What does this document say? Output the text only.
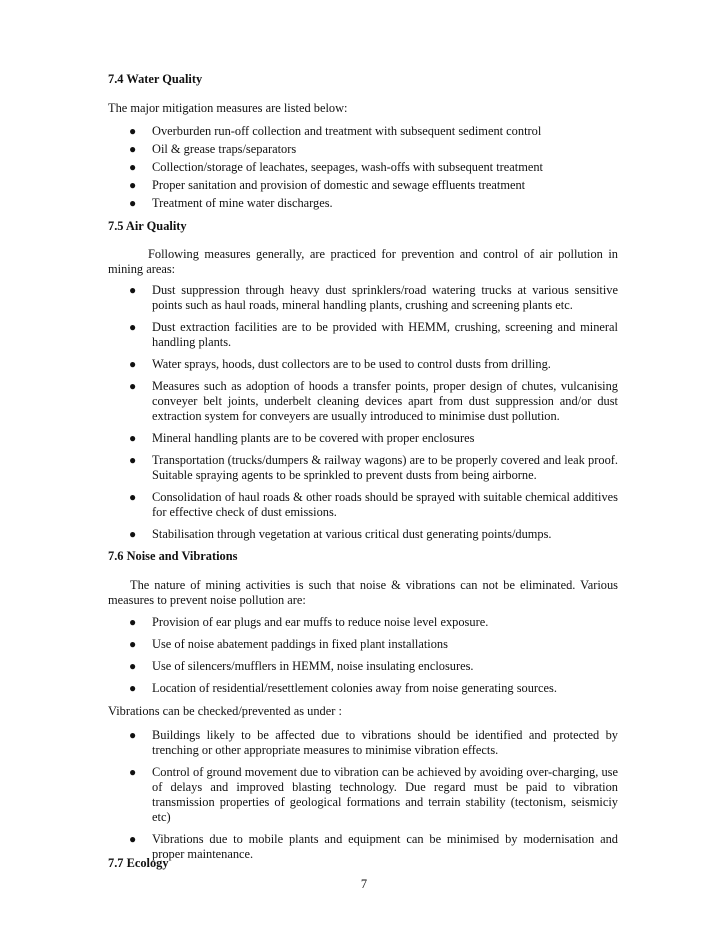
7.4 Water Quality
The major mitigation measures are listed below:
● Overburden run-off collection and treatment with subsequent sediment control
● Oil & grease traps/separators
● Collection/storage of leachates, seepages, wash-offs with subsequent treatment
● Proper sanitation and provision of domestic and sewage effluents treatment
● Treatment of mine water discharges.
7.5 Air Quality
Following measures generally, are practiced for prevention and control of air pollution in mining areas:
● Dust suppression through heavy dust sprinklers/road watering trucks at various sensitive points such as haul roads, mineral handling plants, crushing and screening plants etc.
● Dust extraction facilities are to be provided with HEMM, crushing, screening and mineral handling plants.
● Water sprays, hoods, dust collectors are to be used to control dusts from drilling.
● Measures such as adoption of hoods a transfer points, proper design of chutes, vulcanising conveyer belt joints, underbelt cleaning devices apart from dust suppression and/or dust extraction system for conveyers are usually introduced to minimise dust pollution.
● Mineral handling plants are to be covered with proper enclosures
● Transportation (trucks/dumpers & railway wagons) are to be properly covered and leak proof. Suitable spraying agents to be sprinkled to prevent dusts from being airborne.
● Consolidation of haul roads & other roads should be sprayed with suitable chemical additives for effective check of dust emissions.
● Stabilisation through vegetation at various critical dust generating points/dumps.
7.6 Noise and Vibrations
The nature of mining activities is such that noise & vibrations can not be eliminated. Various measures to prevent noise pollution are:
● Provision of ear plugs and ear muffs to reduce noise level exposure.
● Use of noise abatement paddings in fixed plant installations
● Use of silencers/mufflers in HEMM, noise insulating enclosures.
● Location of residential/resettlement colonies away from noise generating sources.
Vibrations can be checked/prevented as under :
● Buildings likely to be affected due to vibrations should be identified and protected by trenching or other appropriate measures to minimise vibration effects.
● Control of ground movement due to vibration can be achieved by avoiding over-charging, use of delays and improved blasting technology. Due regard must be paid to vibration transmission properties of geological formations and terrain stability (tectonism, seismiciy etc)
● Vibrations due to mobile plants and equipment can be minimised by modernisation and proper maintenance.
7.7 Ecology
7
